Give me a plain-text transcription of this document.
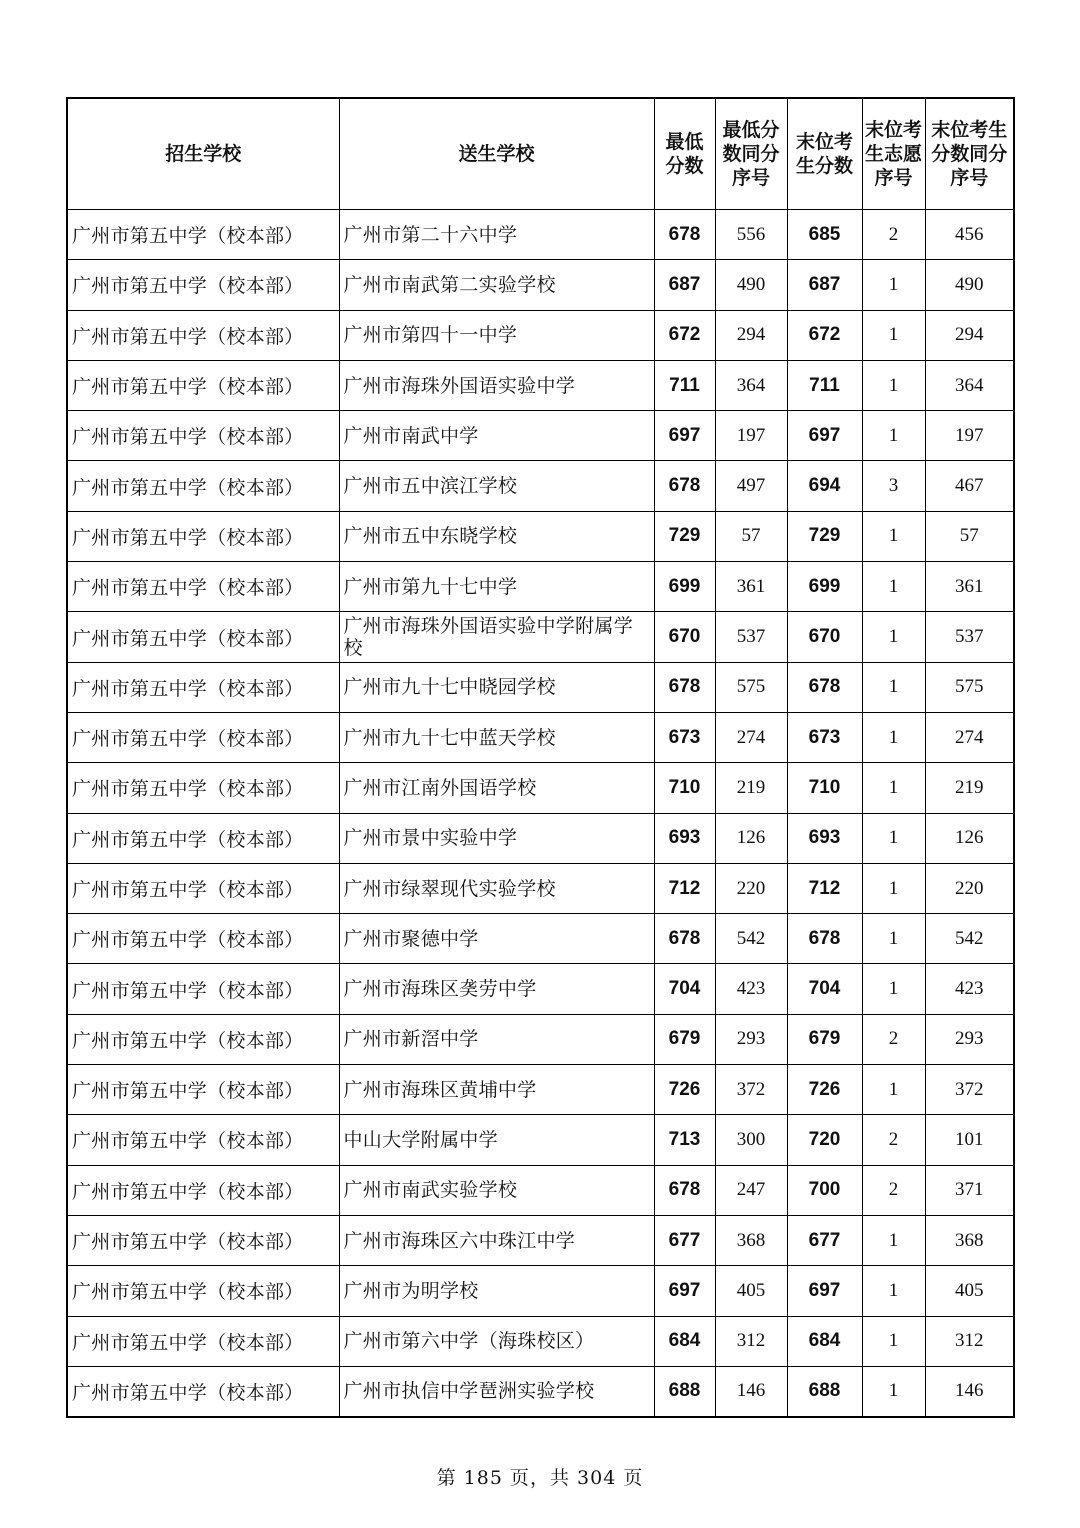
招生学校	送生学校	最低分数	最低分数同分序号	末位考生分数	末位考生志愿序号	末位考生分数同分序号
广州市第五中学（校本部）	广州市第二十六中学	678	556	685	2	456
广州市第五中学（校本部）	广州市南武第二实验学校	687	490	687	1	490
广州市第五中学（校本部）	广州市第四十一中学	672	294	672	1	294
广州市第五中学（校本部）	广州市海珠外国语实验中学	711	364	711	1	364
广州市第五中学（校本部）	广州市南武中学	697	197	697	1	197
广州市第五中学（校本部）	广州市五中滨江学校	678	497	694	3	467
广州市第五中学（校本部）	广州市五中东晓学校	729	57	729	1	57
广州市第五中学（校本部）	广州市第九十七中学	699	361	699	1	361
广州市第五中学（校本部）	广州市海珠外国语实验中学附属学校	670	537	670	1	537
广州市第五中学（校本部）	广州市九十七中晓园学校	678	575	678	1	575
广州市第五中学（校本部）	广州市九十七中蓝天学校	673	274	673	1	274
广州市第五中学（校本部）	广州市江南外国语学校	710	219	710	1	219
广州市第五中学（校本部）	广州市景中实验中学	693	126	693	1	126
广州市第五中学（校本部）	广州市绿翠现代实验学校	712	220	712	1	220
广州市第五中学（校本部）	广州市聚德中学	678	542	678	1	542
广州市第五中学（校本部）	广州市海珠区䶮劳中学	704	423	704	1	423
广州市第五中学（校本部）	广州市新滘中学	679	293	679	2	293
广州市第五中学（校本部）	广州市海珠区黄埔中学	726	372	726	1	372
广州市第五中学（校本部）	中山大学附属中学	713	300	720	2	101
广州市第五中学（校本部）	广州市南武实验学校	678	247	700	2	371
广州市第五中学（校本部）	广州市海珠区六中珠江中学	677	368	677	1	368
广州市第五中学（校本部）	广州市为明学校	697	405	697	1	405
广州市第五中学（校本部）	广州市第六中学（海珠校区）	684	312	684	1	312
广州市第五中学（校本部）	广州市执信中学琶洲实验学校	688	146	688	1	146
第 185 页，共 304 页
